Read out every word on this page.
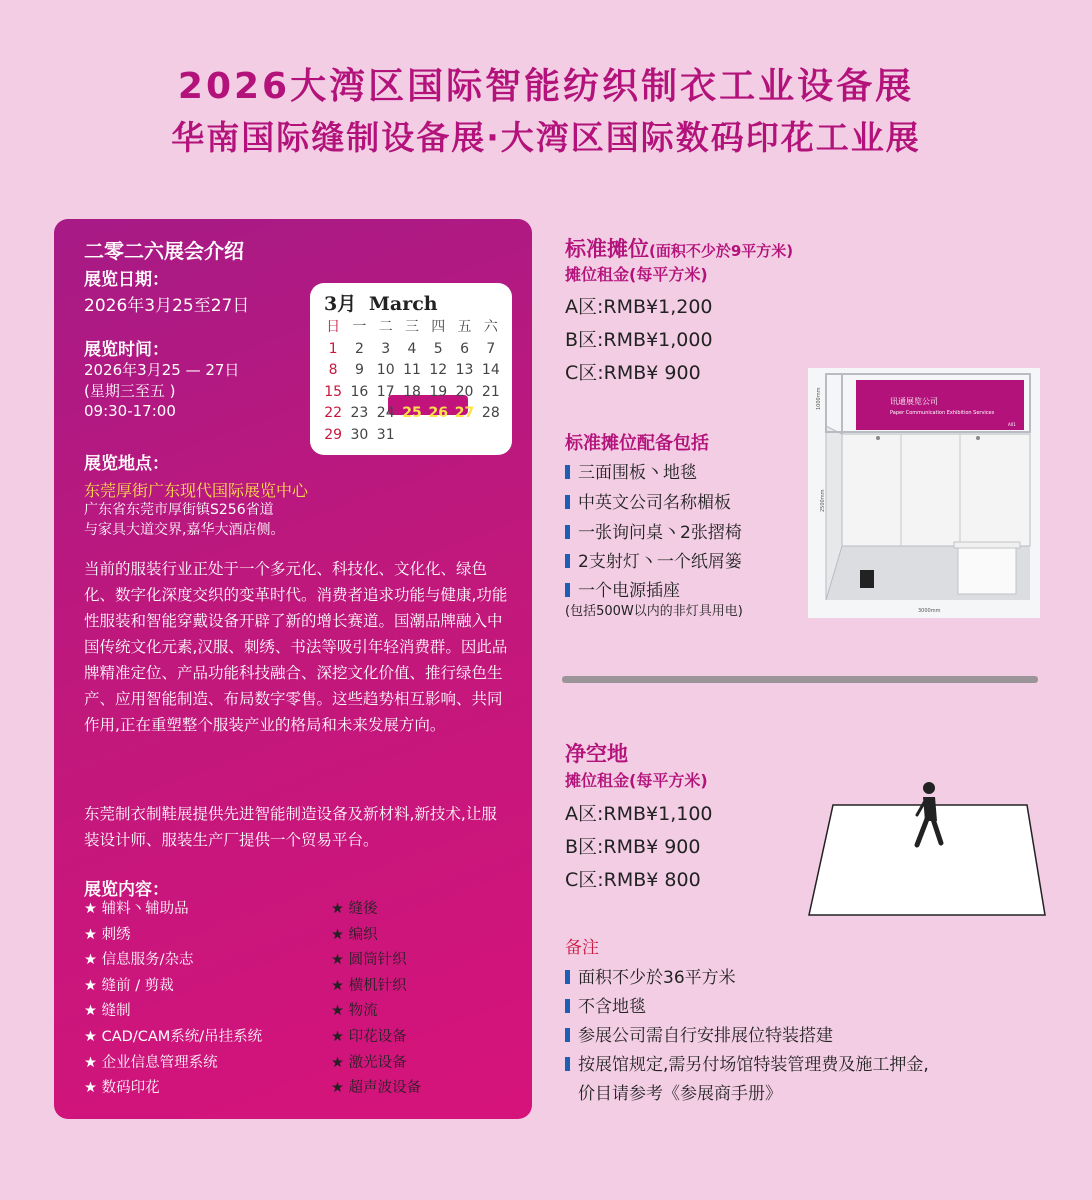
2026大湾区国际智能纺织制衣工业设备展
华南国际缝制设备展·大湾区国际数码印花工业展
二零二六展会介绍
展览日期：
2026年3月25至27日
展览时间：
2026年3月25 — 27日
(星期三至五 )
09:30-17:00
展览地点：
东莞厚街广东现代国际展览中心
广东省东莞市厚街镇S256省道
与家具大道交界,嘉华大酒店侧。
当前的服装行业正处于一个多元化、科技化、文化化、绿色化、数字化深度交织的变革时代。消费者追求功能与健康,功能性服装和智能穿戴设备开辟了新的增长赛道。国潮品牌融入中国传统文化元素,汉服、刺绣、书法等吸引年轻消费群。因此品牌精准定位、产品功能科技融合、深挖文化价值、推行绿色生产、应用智能制造、布局数字零售。这些趋势相互影响、共同作用,正在重塑整个服装产业的格局和未来发展方向。
东莞制衣制鞋展提供先进智能制造设备及新材料,新技术,让服装设计师、服装生产厂提供一个贸易平台。
展览内容：
★ 辅料丶辅助品
★ 刺绣
★ 信息服务/杂志
★ 缝前 / 剪裁
★ 缝制
★ CAD/CAM系统/吊挂系统
★ 企业信息管理系统
★ 数码印花
★ 缝後
★ 编织
★ 圆筒针织
★ 横机针织
★ 物流
★ 印花设备
★ 激光设备
★ 超声波设备
3月 March
日 一 二 三 四 五 六
1	2	3	4	5	6	7
8	9 10 11 12 13 14
15 16 17 18 19 20 21
22 23 24 25 26 27 28
29 30 31
标准摊位(面积不少於9平方米)
摊位租金(每平方米)
A区:RMB¥1,200
B区:RMB¥1,000
C区:RMB¥ 900
标准摊位配备包括
三面围板丶地毯
中英文公司名称楣板
一张询问桌丶2张摺椅
2支射灯丶一个纸屑篓
一个电源插座
(包括500W以内的非灯具用电)
讯通展览公司
Paper Communication Exhibition Services
A01
1000mm
2500mm
3000mm
净空地
摊位租金(每平方米)
A区:RMB¥1,100
B区:RMB¥ 900
C区:RMB¥ 800
备注
面积不少於36平方米
不含地毯
参展公司需自行安排展位特装搭建
按展馆规定,需另付场馆特装管理费及施工押金,
价目请参考《参展商手册》
